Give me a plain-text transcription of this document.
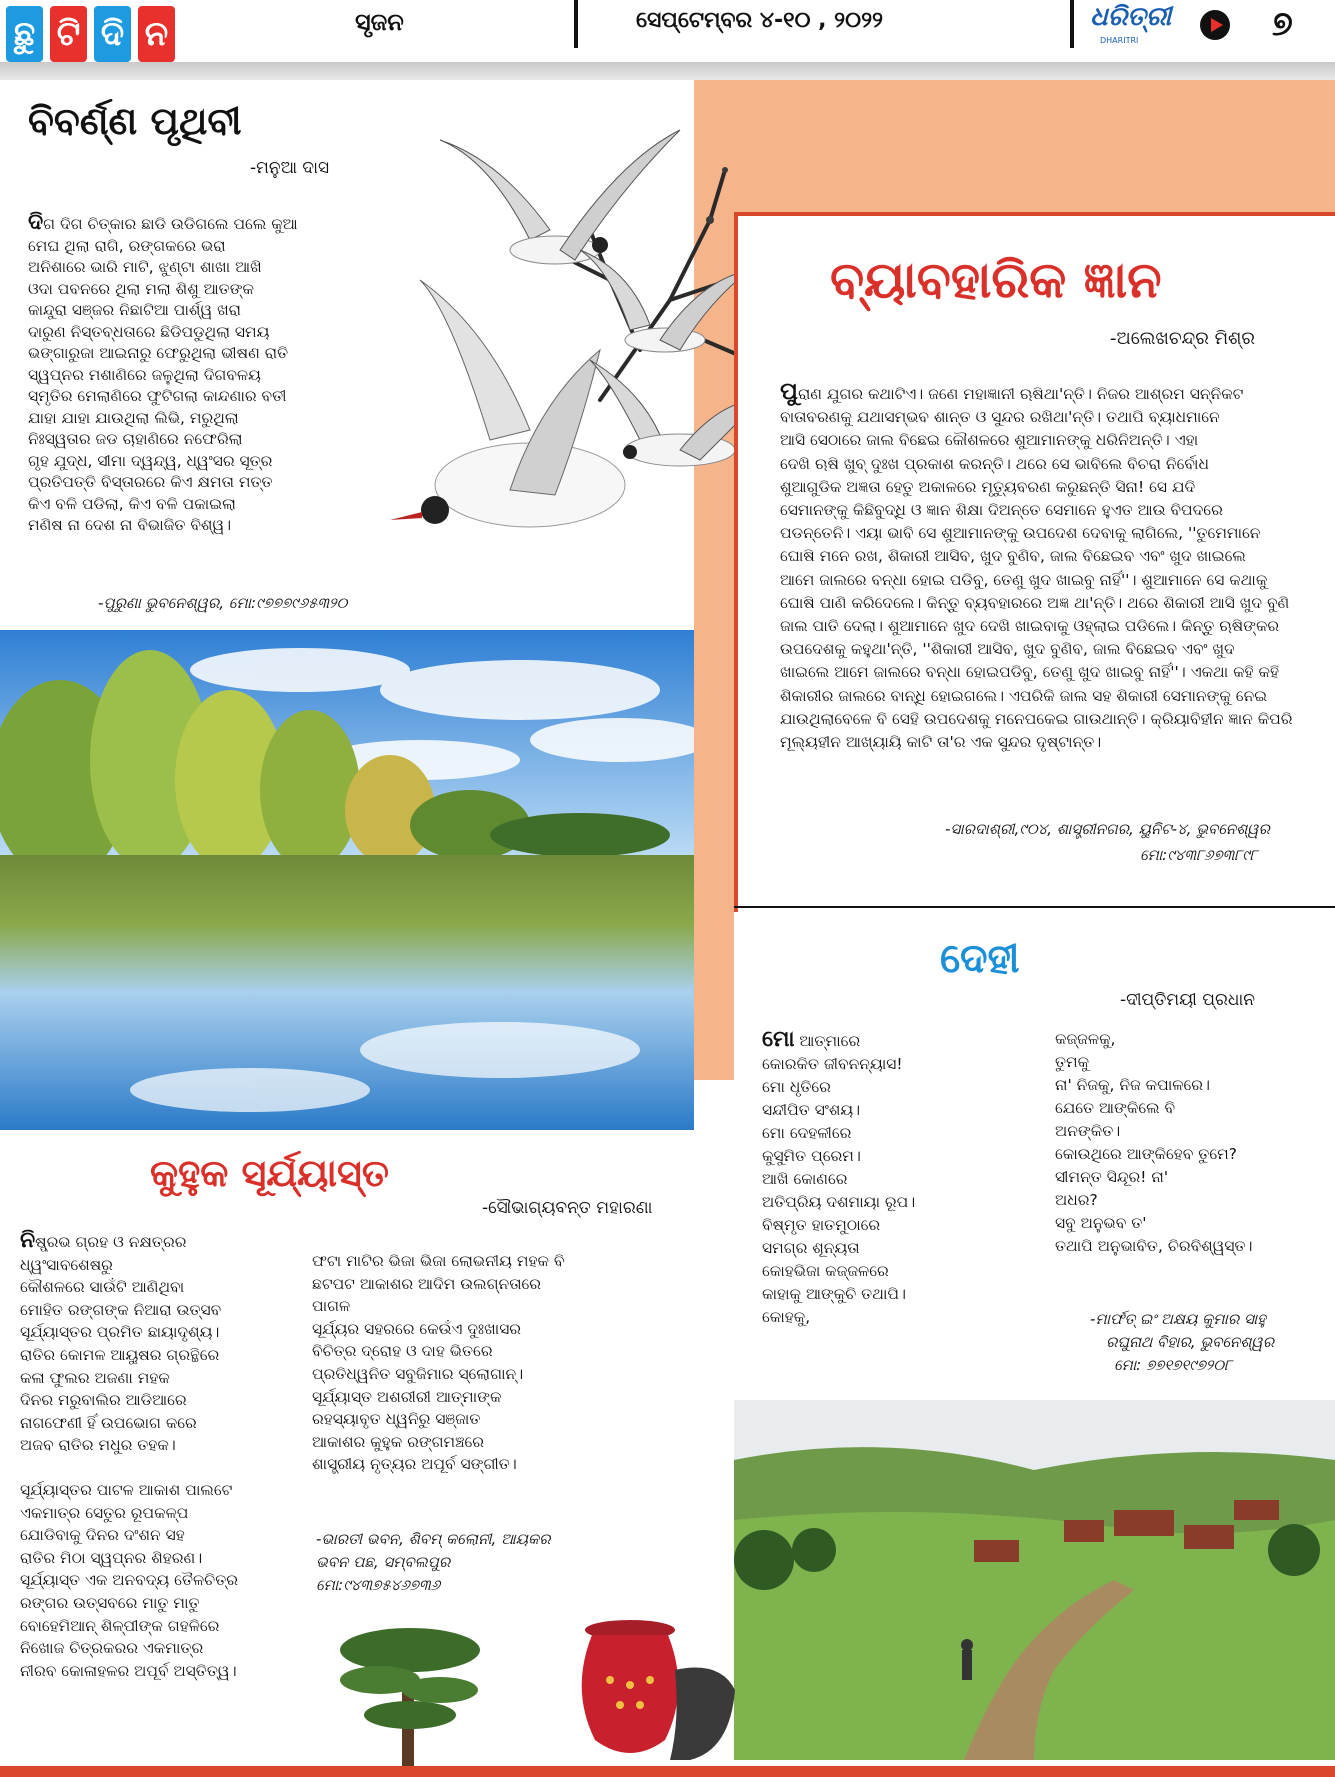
ଛୁ ଟି ଦି ନ	ସୃଜନ	ସେପ୍ଟେମ୍ବର ୪-୧୦ , ୨୦୨୨	ଧରିତ୍ରୀ
DHARITRI	୭
ବିବର୍ଣ୍ଣ ପୃଥିବୀ
-ମନୁଆ ଦାସ
ଦିଗ ଦିଗ ଚିତ୍କାର ଛାଡି ଉଡିଗଲେ ପଲେ କୁଆ
ମେଘ ଥିଲା ରାଗି, ରଙ୍ଗକରେ ଭରା
ଅନିଶାରେ ଭାରି ମାଟି, ଝୁଣ୍ଟା ଶାଖା ଆଖି
ଓଦା ପବନରେ ଥିଲା ମଲା ଶିଶୁ ଆତଙ୍କ
କାନ୍ଦୁରା ସଞ୍ଜର ନିଛାଟିଆ ପାର୍ଶ୍ୱ ଖରା
ଦାରୁଣ ନିସ୍ତବ୍ଧତାରେ ଛିଡିପଡୁଥିଲା ସମୟ
ଭଙ୍ଗାରୁଜା ଆଇନାରୁ ଫେରୁଥିଲା ଭୀଷଣ ରାତି
ସ୍ୱପ୍ନର ମଶାଣିରେ ଜଳୁଥିଲା ଦିଗବଳୟ
ସ୍ମୃତିର ମେଲାଣିରେ ଫୁଟିଗଲା କାନ୍ଦଣାର ବତୀ
ଯାହା ଯାହା ଯାଉଥିଲା ଲିଭି, ମରୁଥିଲା
ନିଃସ୍ୱତାର ଜଡ ଚାହାଣିରେ ନଫେରିଲା
ଗୃହ ଯୁଦ୍ଧ, ସୀମା ଦ୍ୱନ୍ଦ୍ୱ, ଧ୍ୱଂସର ସୂତ୍ର
ପ୍ରତିପତ୍ତି ବିସ୍ତାରରେ କିଏ କ୍ଷମତା ମତ୍ତ
କିଏ ବଳି ପଡିଲା, କିଏ ବଳି ପକାଇଲା
ମଣିଷ ନା ଦେଶ ନା ବିଭାଜିତ ବିଶ୍ୱ।
-ପୁରୁଣା ଭୁବନେଶ୍ୱର, ମୋ:୯୭୭୭୯୬୫୩୨୦
ବ୍ୟାବହାରିକ ଜ୍ଞାନ
-ଅଲେଖଚନ୍ଦ୍ର ମିଶ୍ର
ପୁରାଣ ଯୁଗର କଥାଟିଏ। ଜଣେ ମହାଜ୍ଞାନୀ ଋଷିଥା'ନ୍ତି। ନିଜର ଆଶ୍ରମ ସନ୍ନିକଟ
ବାତାବରଣକୁ ଯଥାସମ୍ଭବ ଶାନ୍ତ ଓ ସୁନ୍ଦର ରଖିଥା'ନ୍ତି। ତଥାପି ବ୍ୟାଧମାନେ
ଆସି ସେଠାରେ ଜାଲ ବିଛେଇ କୌଶଳରେ ଶୁଆମାନଙ୍କୁ ଧରିନିଅନ୍ତି। ଏହା
ଦେଖି ଋଷି ଖୁବ୍ ଦୁଃଖ ପ୍ରକାଶ କରନ୍ତି। ଥରେ ସେ ଭାବିଲେ ବିଚରା ନିର୍ବୋଧ
ଶୁଆଗୁଡିକ ଅଜ୍ଞତା ହେତୁ ଅକାଳରେ ମୃତ୍ୟୁବରଣ କରୁଛନ୍ତି ସିନା! ସେ ଯଦି
ସେମାନଙ୍କୁ କିଛିବୁଦ୍ଧି ଓ ଜ୍ଞାନ ଶିକ୍ଷା ଦିଅନ୍ତେ ସେମାନେ ହୁଏତ ଆଉ ବିପଦରେ
ପଡନ୍ତେନି। ଏୟା ଭାବି ସେ ଶୁଆମାନଙ୍କୁ ଉପଦେଶ ଦେବାକୁ ଲାଗିଲେ, ''ତୁମେମାନେ
ଘୋଷି ମନେ ରଖ, ଶିକାରୀ ଆସିବ, ଖୁଦ ବୁଣିବ, ଜାଲ ବିଛେଇବ ଏବଂ ଖୁଦ ଖାଇଲେ
ଆମେ ଜାଲରେ ବନ୍ଧା ହୋଇ ପଡିବୁ, ତେଣୁ ଖୁଦ ଖାଇବୁ ନାହିଁ''। ଶୁଆମାନେ ସେ କଥାକୁ
ଘୋଷି ପାଣି କରିଦେଲେ। କିନ୍ତୁ ବ୍ୟବହାରରେ ଅଜ୍ଞ ଥା'ନ୍ତି। ଥରେ ଶିକାରୀ ଆସି ଖୁଦ ବୁଣି
ଜାଲ ପାତି ଦେଲା। ଶୁଆମାନେ ଖୁଦ ଦେଖି ଖାଇବାକୁ ଓହ୍ଲାଇ ପଡିଲେ। କିନ୍ତୁ ଋଷିଙ୍କର
ଉପଦେଶକୁ କହୁଥା'ନ୍ତି, ''ଶିକାରୀ ଆସିବ, ଖୁଦ ବୁଣିବ, ଜାଲ ବିଛେଇବ ଏବଂ ଖୁଦ
ଖାଇଲେ ଆମେ ଜାଲରେ ବନ୍ଧା ହୋଇପଡିବୁ, ତେଣୁ ଖୁଦ ଖାଇବୁ ନାହିଁ''। ଏକଥା କହି କହି
ଶିକାରୀର ଜାଲରେ ବାନ୍ଧି ହୋଇଗଲେ। ଏପରିକି ଜାଲ ସହ ଶିକାରୀ ସେମାନଙ୍କୁ ନେଇ
ଯାଉଥିଲାବେଳେ ବି ସେହି ଉପଦେଶକୁ ମନେପକେଇ ଗାଉଥାନ୍ତି। କ୍ରିୟାବିହୀନ ଜ୍ଞାନ କିପରି
ମୂଲ୍ୟହୀନ ଆଖ୍ୟାୟି କାଟି ତା'ର ଏକ ସୁନ୍ଦର ଦୃଷ୍ଟାନ୍ତ।
-ସାରଦାଶ୍ରୀ,୯୦୪, ଶାସ୍ତ୍ରୀନଗର, ୟୁନିଟ-୪, ଭୁବନେଶ୍ୱର
ମୋ:୯୪୩୮୬୭୩୮୯୮
ଦେହୀ
-ଦୀପ୍ତିମୟୀ ପ୍ରଧାନ
ମୋ ଆତ୍ମାରେ
କୋରକିତ ଜୀବନନ୍ୟାସ!
ମୋ ଧୃତିରେ
ସନ୍ଦୀପିତ ସଂଶୟ।
ମୋ ଦେହଳୀରେ
କୁସୁମିତ ପ୍ରେମ।
ଆଖି କୋଣରେ
ଅତିପ୍ରିୟ ଦଶମାୟା ରୂପ।
ବିଷ୍ମୃତ ହାତମୁଠାରେ
ସମଗ୍ର ଶୂନ୍ୟତା
କୋହଭିଜା କଜ୍ଜଳରେ
କାହାକୁ ଆଙ୍କୁଚି ତଥାପି।
କୋହକୁ,
କଜ୍ଜଳକୁ,
ତୁମକୁ
ନା' ନିଜକୁ, ନିଜ କପାଳରେ।
ଯେତେ ଆଙ୍କିଲେ ବି
ଅନଙ୍କିତ।
କୋଉଥିରେ ଆଙ୍କିହେବ ତୁମେ?
ସୀମନ୍ତ ସିନ୍ଦୂର! ନା'
ଅଧର?
ସବୁ ଅନୁଭବ ତ'
ତଥାପି ଅନୁଭାବିତ, ଚିରବିଶ୍ୱସ୍ତ।
-ମାର୍ଫତ୍ ଇଂ ଅକ୍ଷୟ କୁମାର ସାହୁ
ରଘୁନାଥ ବିହାର, ଭୁବନେଶ୍ୱର
ମୋ: ୭୭୧୭୧୯୭୨୦୮
କୁହୁକ ସୂର୍ଯ୍ୟାସ୍ତ
-ସୌଭାଗ୍ୟବନ୍ତ ମହାରଣା
ନିଷ୍ପ୍ରଭ ଗ୍ରହ ଓ ନକ୍ଷତ୍ରର
ଧ୍ୱଂସାବଶେଷରୁ
କୌଶଳରେ ସାଉଁଟି ଆଣିଥିବା
ମୋହିତ ରଙ୍ଗଙ୍କ ନିଆରା ଉତ୍ସବ
ସୂର୍ଯ୍ୟାସ୍ତର ପ୍ରମିତ ଛାୟାଦୃଶ୍ୟ।
ରାତିର କୋମଳ ଆୟୁଷର ଗ୍ରନ୍ଥିରେ
କଳା ଫୁଲର ଅଜଣା ମହକ
ଦିନର ମରୁବାଲିର ଆଡିଆରେ
ନାଗଫେଣୀ ହିଁ ଉପଭୋଗ କରେ
ଅଜବ ରାତିର ମଧୁର ତହକ।
ସୂର୍ଯ୍ୟାସ୍ତର ପାଟଳ ଆକାଶ ପାଲଟେ
ଏକମାତ୍ର ସେତୁର ରୂପକଳ୍ପ
ଯୋଡିବାକୁ ଦିନର ଦଂଶନ ସହ
ରାତିର ମିଠା ସ୍ୱପ୍ନର ଶିହରଣ।
ସୂର୍ଯ୍ୟାସ୍ତ ଏକ ଅନବଦ୍ୟ ତୈଳଚିତ୍ର
ରଙ୍ଗର ଉତ୍ସବରେ ମାତୁ ମାତୁ
ବୋହେମିଆନ୍ ଶିଳ୍ପୀଙ୍କ ଗହଳିରେ
ନିଖୋଜ ଚିତ୍ରକରର ଏକମାତ୍ର
ନୀରବ କୋଳାହଳର ଅପୂର୍ବ ଅସ୍ତିତ୍ୱ।
ଫଟା ମାଟିର ଭିଜା ଭିଜା ଲୋଭନୀୟ ମହକ ବି
ଛଟପଟ ଆକାଶର ଆଦିମ ଉଲଗ୍ନତାରେ
ପାଗଳ
ସୂର୍ଯ୍ୟର ସହରରେ କେଉଁଏ ଦୁଃଖାସର
ବିଚିତ୍ର ଦ୍ରୋହ ଓ ଦାହ ଭିତରେ
ପ୍ରତିଧ୍ୱନିତ ସବୁଜିମାର ସ୍ଲୋଗାନ୍।
ସୂର୍ଯ୍ୟାସ୍ତ ଅଶରୀରୀ ଆତ୍ମାଙ୍କ
ରହସ୍ୟାବୃତ ଧ୍ୱନିରୁ ସଞ୍ଜାତ
ଆକାଶର କୁହୁକ ରଙ୍ଗମଞ୍ଚରେ
ଶାସ୍ତ୍ରୀୟ ନୃତ୍ୟର ଅପୂର୍ବ ସଙ୍ଗୀତ।
-ଭାରତୀ ଭବନ, ଶିବମ୍ କଲୋନୀ, ଆୟକର
ଭବନ ପଛ, ସମ୍ବଲପୁର
ମୋ:୯୪୩୭୫୪୬୭୩୬
